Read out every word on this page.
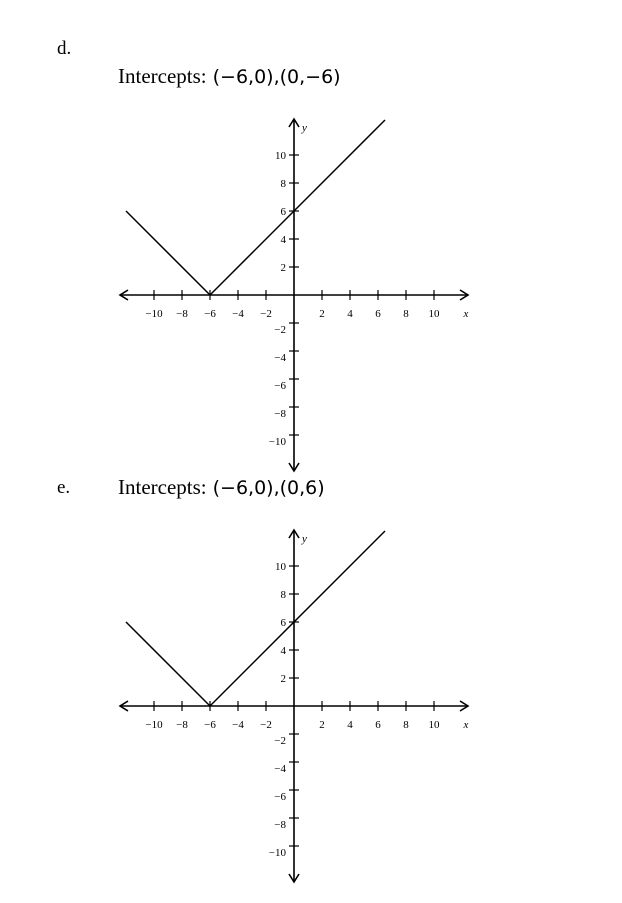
d.
Intercepts: (−6,0),(0,−6)
−10 −8 −6 −4 −2	2 4 6 8 10
−10
−8
−6
−4
−2
2
4
6
8
10
x
y
e. Intercepts: (−6,0),(0,6)
−10 −8 −6 −4 −2	2 4 6 8 10
−10
−8
−6
−4
−2
2
4
6
8
10
x
y
